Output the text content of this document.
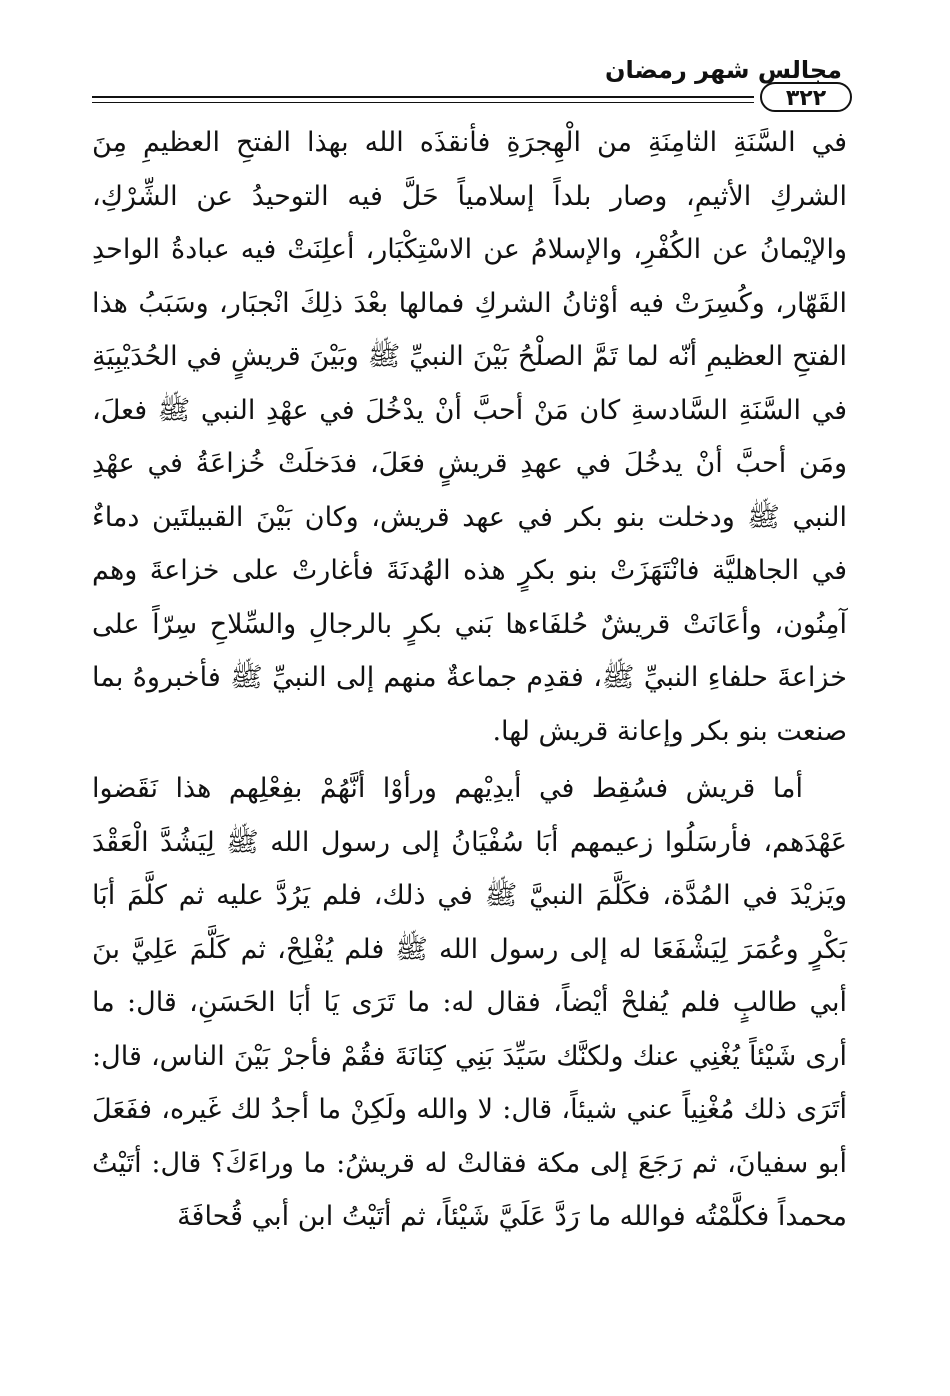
مجالس شهر رمضان
٣٢٢

في السَّنَةِ الثامِنَةِ من الْهِجرَةِ فأنقذَه الله بهذا الفتحِ العظيمِ مِنَ الشركِ الأثيمِ، وصار بلداً إسلامياً حَلَّ فيه التوحيدُ عن الشِّرْكِ، والإيْمانُ عن الكُفْرِ، والإسلامُ عن الاسْتِكْبَار، أعلِنَتْ فيه عبادةُ الواحدِ القَهّار، وكُسِرَتْ فيه أوْثانُ الشركِ فمالها بعْدَ ذلِكَ انْجبَار، وسَبَبُ هذا الفتحِ العظيمِ أنّه لما تَمَّ الصلْحُ بَيْنَ النبيِّ ﷺ وبَيْنَ قريشٍ في الحُدَيْبِيَةِ في السَّنَةِ السَّادسةِ كان مَنْ أحبَّ أنْ يدْخُلَ في عهْدِ النبي ﷺ فعلَ، ومَن أحبَّ أنْ يدخُلَ في عهدِ قريشٍ فعَلَ، فدَخلَتْ خُزاعَةُ في عهْدِ النبي ﷺ ودخلت بنو بكر في عهد قريش، وكان بَيْنَ القبيلتَين دماءٌ في الجاهليَّة فانْتَهَزَتْ بنو بكرٍ هذه الهُدنَةَ فأغارتْ على خزاعةَ وهم آمِنُون، وأعَانَتْ قريشٌ حُلفَاءها بَني بكرٍ بالرجالِ والسِّلاحِ سِرّاً على خزاعةَ حلفاءِ النبيِّ ﷺ، فقدِم جماعةٌ منهم إلى النبيِّ ﷺ فأخبروهُ بما صنعت بنو بكر وإعانة قريش لها.

أما قريش فسُقِط في أيدِيْهم ورأوْا أنَّهُمْ بفِعْلِهم هذا نَقَضوا عَهْدَهم، فأرسَلُوا زعيمهم أبَا سُفْيَانُ إلى رسول الله ﷺ لِيَشُدَّ الْعَقْدَ ويَزيْدَ في المُدَّة، فكَلَّمَ النبيَّ ﷺ في ذلك، فلم يَرُدَّ عليه ثم كلَّمَ أبَا بَكْرٍ وعُمَرَ لِيَشْفَعَا له إلى رسول الله ﷺ فلم يُفْلِحْ، ثم كَلَّمَ عَلِيَّ بنَ أبي طالبٍ فلم يُفلحْ أيْضاً، فقال له: ما تَرَى يَا أبَا الحَسَنِ، قال: ما أرى شَيْئاً يُغْنِي عنك ولكنَّك سَيِّدَ بَنِي كِنَانَةَ فقُمْ فأجرْ بَيْنَ الناس، قال: أتَرَى ذلك مُغْنِياً عني شيئاً، قال: لا والله ولَكِنْ ما أجدُ لك غَيره، ففَعَلَ أبو سفيانَ، ثم رَجَعَ إلى مكة فقالتْ له قريشُ: ما وراءَكَ؟ قال: أتَيْتُ محمداً فكلَّمْتُه فوالله ما رَدَّ عَلَيَّ شَيْئاً، ثم أتَيْتُ ابن أبي قُحافَةَ
